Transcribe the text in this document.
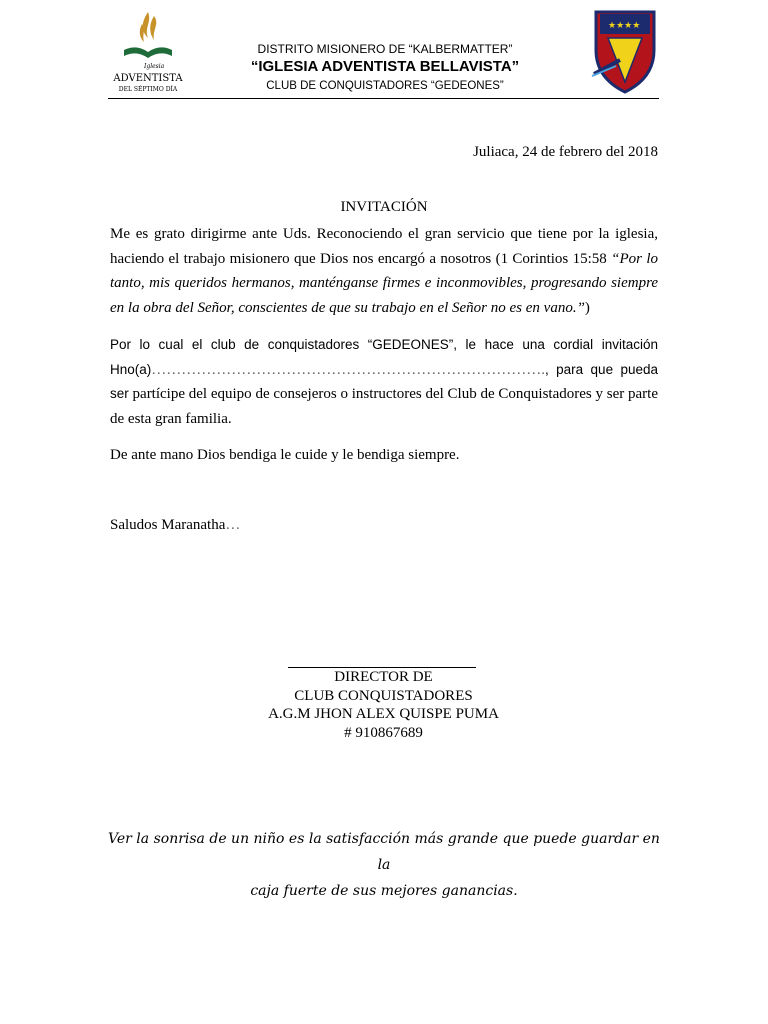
Iglesia
ADVENTISTA
DEL SÉPTIMO DÍA
DISTRITO MISIONERO DE “KALBERMATTER”
“IGLESIA ADVENTISTA BELLAVISTA”
CLUB DE CONQUISTADORES “GEDEONES”
★★★★
Juliaca, 24 de febrero del 2018
INVITACIÓN
Me es grato dirigirme ante Uds. Reconociendo el gran servicio que tiene por la iglesia, haciendo el trabajo misionero que Dios nos encargó a nosotros (1 Corintios 15:58 “Por lo tanto, mis queridos hermanos, manténganse firmes e inconmovibles, progresando siempre en la obra del Señor, conscientes de que su trabajo en el Señor no es en vano.”)
Por lo cual el club de conquistadores “GEDEONES”, le hace una cordial invitación Hno(a)……………………………………………………………………., para que pueda ser partícipe del equipo de consejeros o instructores del Club de Conquistadores y ser parte de esta gran familia.
De ante mano Dios bendiga le cuide y le bendiga siempre.
Saludos Maranatha…
DIRECTOR DE
CLUB CONQUISTADORES
A.G.M JHON ALEX QUISPE PUMA
# 910867689
Ver la sonrisa de un niño es la satisfacción más grande que puede guardar en la
caja fuerte de sus mejores ganancias.
